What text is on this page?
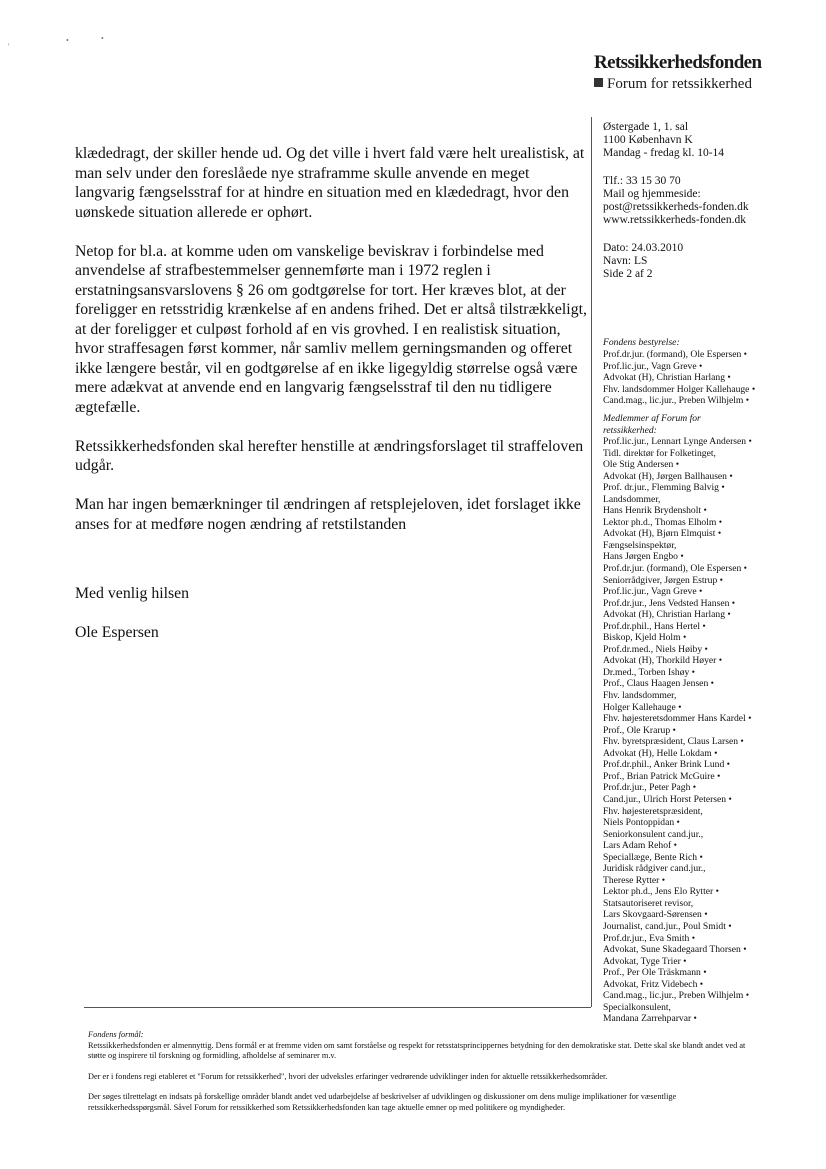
'
•	•
Retssikkerhedsfonden
Forum for retssikkerhed
Østergade 1, 1. sal
1100 København K
Mandag - fredag kl. 10-14
Tlf.: 33 15 30 70
Mail og hjemmeside:
post@retssikkerheds-fonden.dk
www.retssikkerheds-fonden.dk
Dato: 24.03.2010
Navn: LS
Side 2 af 2
Fondens bestyrelse:
Prof.dr.jur. (formand), Ole Espersen •
Prof.lic.jur., Vagn Greve •
Advokat (H), Christian Harlang •
Fhv. landsdommer Holger Kallehauge •
Cand.mag., lic.jur., Preben Wilhjelm •
Medlemmer af Forum for
retssikkerhed:
Prof.lic.jur., Lennart Lynge Andersen •
Tidl. direktør for Folketinget,
Ole Stig Andersen •
Advokat (H), Jørgen Ballhausen •
Prof. dr.jur., Flemming Balvig •
Landsdommer,
Hans Henrik Brydensholt •
Lektor ph.d., Thomas Elholm •
Advokat (H), Bjørn Elmquist •
Fængselsinspektør,
Hans Jørgen Engbo •
Prof.dr.jur. (formand), Ole Espersen •
Seniorrådgiver, Jørgen Estrup •
Prof.lic.jur., Vagn Greve •
Prof.dr.jur., Jens Vedsted Hansen •
Advokat (H), Christian Harlang •
Prof.dr.phil., Hans Hertel •
Biskop, Kjeld Holm •
Prof.dr.med., Niels Høiby •
Advokat (H), Thorkild Høyer •
Dr.med., Torben Ishøy •
Prof., Claus Haagen Jensen •
Fhv. landsdommer,
Holger Kallehauge •
Fhv. højesteretsdommer Hans Kardel •
Prof., Ole Krarup •
Fhv. byretspræsident, Claus Larsen •
Advokat (H), Helle Lokdam •
Prof.dr.phil., Anker Brink Lund •
Prof., Brian Patrick McGuire •
Prof.dr.jur., Peter Pagh •
Cand.jur., Ulrich Horst Petersen •
Fhv. højesteretspræsident,
Niels Pontoppidan •
Seniorkonsulent cand.jur.,
Lars Adam Rehof •
Speciallæge, Bente Rich •
Juridisk rådgiver cand.jur.,
Therese Rytter •
Lektor ph.d., Jens Elo Rytter •
Statsautoriseret revisor,
Lars Skovgaard-Sørensen •
Journalist, cand.jur., Poul Smidt •
Prof.dr.jur., Eva Smith •
Advokat, Sune Skadegaard Thorsen •
Advokat, Tyge Trier •
Prof., Per Ole Träskmann •
Advokat, Fritz Videbech •
Cand.mag., lic.jur., Preben Wilhjelm •
Specialkonsulent,
Mandana Zarrehparvar •

klædedragt, der skiller hende ud. Og det ville i hvert fald være helt urealistisk, at man selv under den foreslåede nye straframme skulle anvende en meget langvarig fængselsstraf for at hindre en situation med en klædedragt, hvor den uønskede situation allerede er ophørt.

Netop for bl.a. at komme uden om vanskelige beviskrav i forbindelse med anvendelse af strafbestemmelser gennemførte man i 1972 reglen i erstatningsansvarslovens § 26 om godtgørelse for tort. Her kræves blot, at der foreligger en retsstridig krænkelse af en andens frihed. Det er altså tilstrækkeligt, at der foreligger et culpøst forhold af en vis grovhed. I en realistisk situation, hvor straffesagen først kommer, når samliv mellem gerningsmanden og offeret ikke længere består, vil en godtgørelse af en ikke ligegyldig størrelse også være mere adækvat at anvende end en langvarig fængselsstraf til den nu tidligere ægtefælle.

Retssikkerhedsfonden skal herefter henstille at ændringsforslaget til straffeloven udgår.

Man har ingen bemærkninger til ændringen af retsplejeloven, idet forslaget ikke anses for at medføre nogen ændring af retstilstanden

Med venlig hilsen
Ole Espersen

Fondens formål:

Retssikkerhedsfonden er almennyttig. Dens formål er at fremme viden om samt forståelse og respekt for retsstatsprincippernes betydning for den demokratiske stat. Dette skal ske blandt andet ved at støtte og inspirere til forskning og formidling, afholdelse af seminarer m.v.

Der er i fondens regi etableret et "Forum for retssikkerhed", hvori der udveksles erfaringer vedrørende udviklinger inden for aktuelle retssikkerhedsområder.

Der søges tilrettelagt en indsats på forskellige områder blandt andet ved udarbejdelse af beskrivelser af udviklingen og diskussioner om dens mulige implikationer for væsentlige retssikkerhedsspørgsmål. Såvel Forum for retssikkerhed som Retssikkerhedsfonden kan tage aktuelle emner op med politikere og myndigheder.
